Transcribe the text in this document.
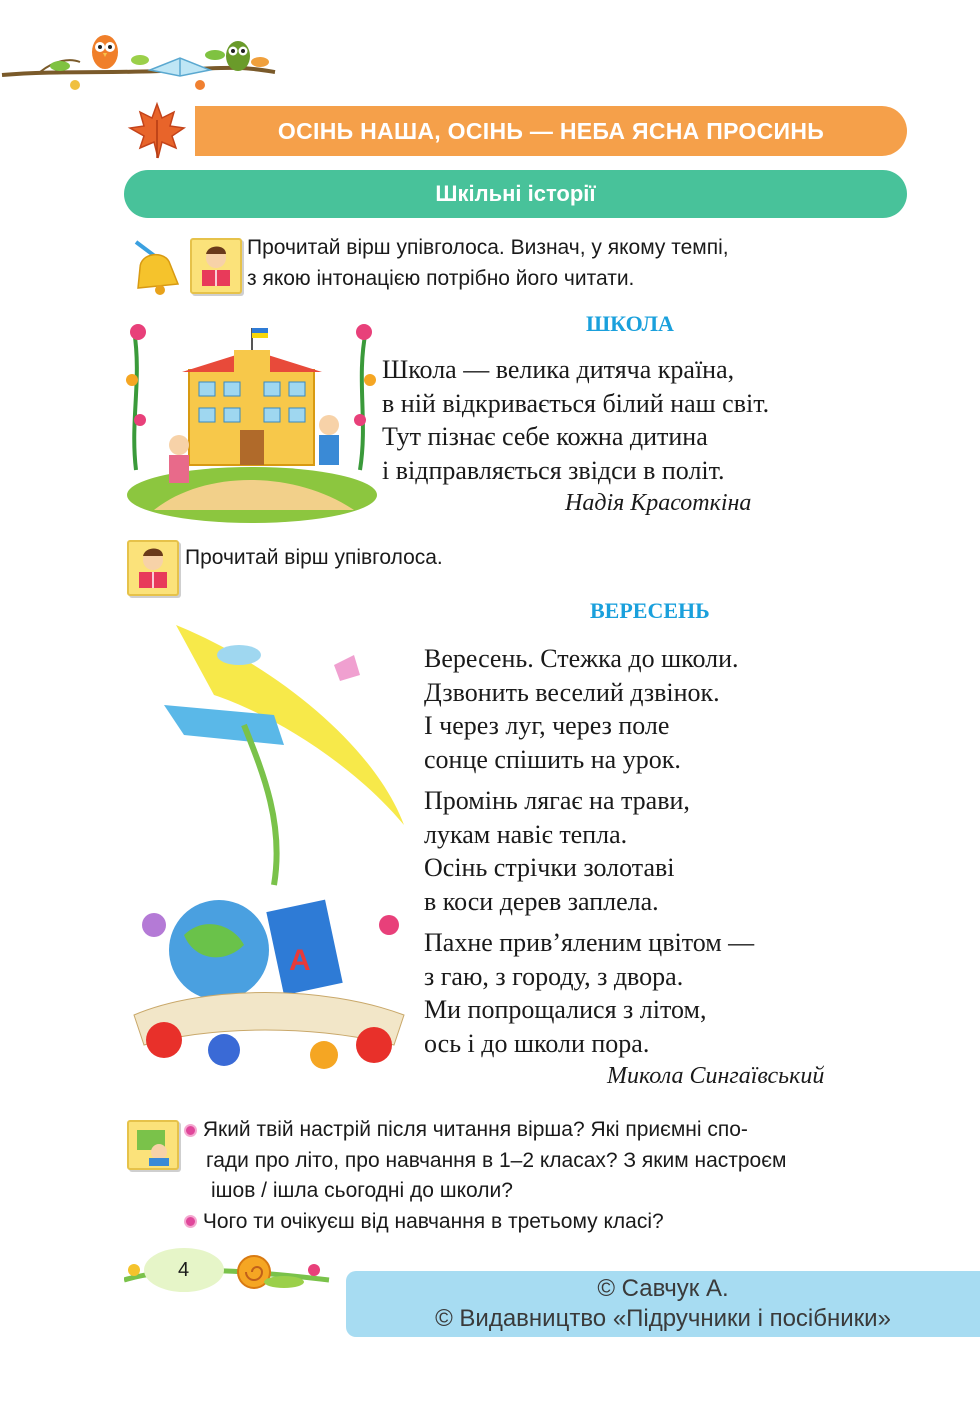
ОСІНЬ НАША, ОСІНЬ — НЕБА ЯСНА ПРОСИНЬ
Шкільні історії
Прочитай вірш упівголоса. Визнач, у якому темпі,
з якою інтонацією потрібно його читати.
ШКОЛА

Школа — велика дитяча країна,

в ній відкривається білий наш світ.

Тут пізнає себе кожна дитина

і відправляється звідси в політ.

Надія Красоткіна
Прочитай вірш упівголоса.
ВЕРЕСЕНЬ
A

Вересень. Стежка до школи.

Дзвонить веселий дзвінок.

І через луг, через поле

сонце спішить на урок.

Промінь лягає на трави,

лукам навіє тепла.

Осінь стрічки золотаві

в коси дерев заплела.

Пахне прив’яленим цвітом —

з гаю, з городу, з двора.

Ми попрощалися з літом,

ось і до школи пора.

Микола Сингаївський
Який твій настрій після читання вірша? Які приємні спо-
гади про літо, про навчання в 1–2 класах? З яким настроєм
ішов / ішла сьогодні до школи?
Чого ти очікуєш від навчання в третьому класі?
4
© Савчук А.
© Видавництво «Підручники і посібники»
